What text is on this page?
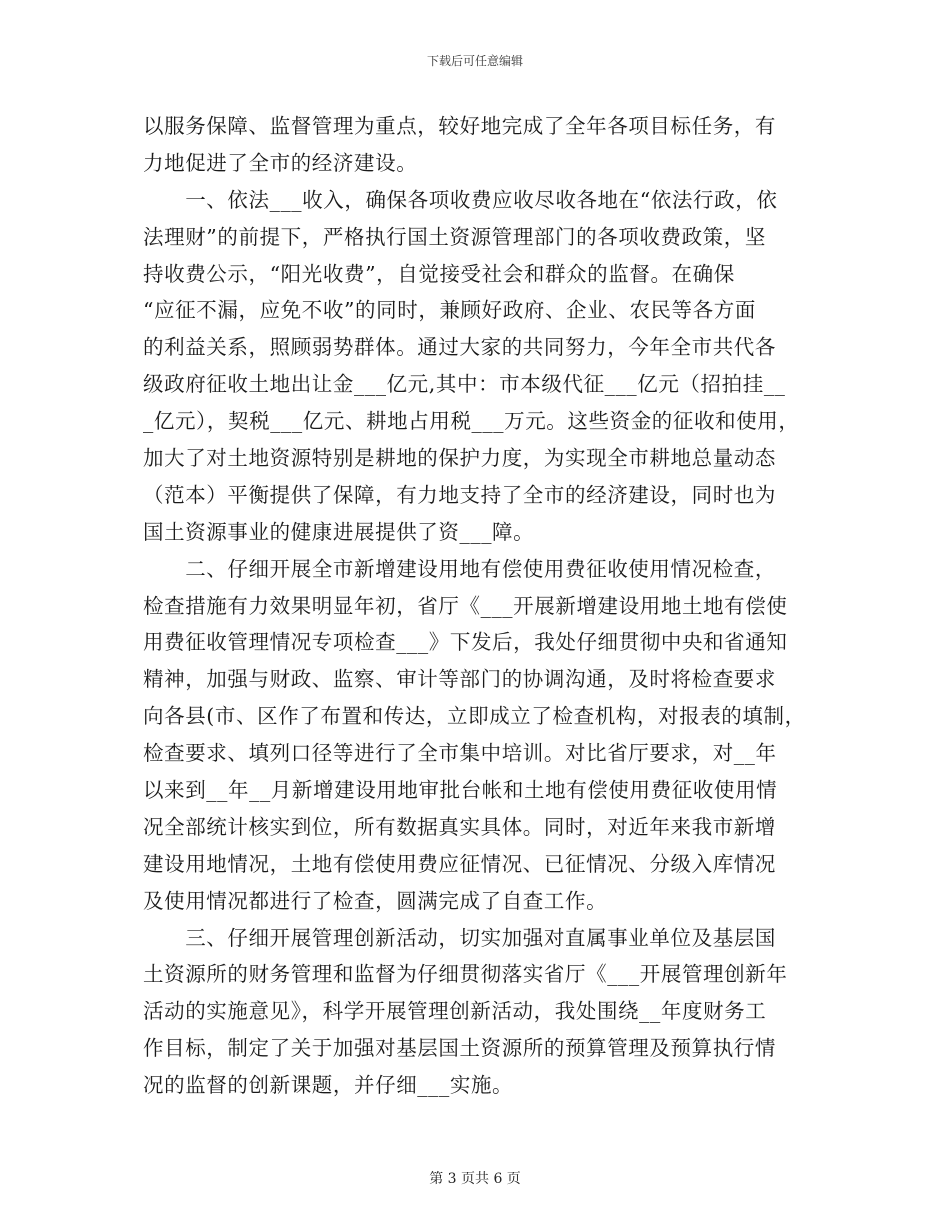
下载后可任意编辑
以服务保障、监督管理为重点，较好地完成了全年各项目标任务，有
力地促进了全市的经济建设。
　　一、依法___收入，确保各项收费应收尽收各地在“依法行政，依
法理财”的前提下，严格执行国土资源管理部门的各项收费政策，坚
持收费公示，“阳光收费”，自觉接受社会和群众的监督。在确保
“应征不漏，应免不收”的同时，兼顾好政府、企业、农民等各方面
的利益关系，照顾弱势群体。通过大家的共同努力，今年全市共代各
级政府征收土地出让金___亿元,其中：市本级代征___亿元（招拍挂__
_亿元），契税___亿元、耕地占用税___万元。这些资金的征收和使用，
加大了对土地资源特别是耕地的保护力度，为实现全市耕地总量动态
（范本）平衡提供了保障，有力地支持了全市的经济建设，同时也为
国土资源事业的健康进展提供了资___障。
　　二、仔细开展全市新增建设用地有偿使用费征收使用情况检查，
检查措施有力效果明显年初，省厅《___开展新增建设用地土地有偿使
用费征收管理情况专项检查___》下发后，我处仔细贯彻中央和省通知
精神，加强与财政、监察、审计等部门的协调沟通，及时将检查要求
向各县(市、区作了布置和传达，立即成立了检查机构，对报表的填制，
检查要求、填列口径等进行了全市集中培训。对比省厅要求，对__年
以来到__年__月新增建设用地审批台帐和土地有偿使用费征收使用情
况全部统计核实到位，所有数据真实具体。同时，对近年来我市新增
建设用地情况，土地有偿使用费应征情况、已征情况、分级入库情况
及使用情况都进行了检查，圆满完成了自查工作。
　　三、仔细开展管理创新活动，切实加强对直属事业单位及基层国
土资源所的财务管理和监督为仔细贯彻落实省厅《___开展管理创新年
活动的实施意见》，科学开展管理创新活动，我处围绕__年度财务工
作目标，制定了关于加强对基层国土资源所的预算管理及预算执行情
况的监督的创新课题，并仔细___实施。
第 3 页共 6 页
